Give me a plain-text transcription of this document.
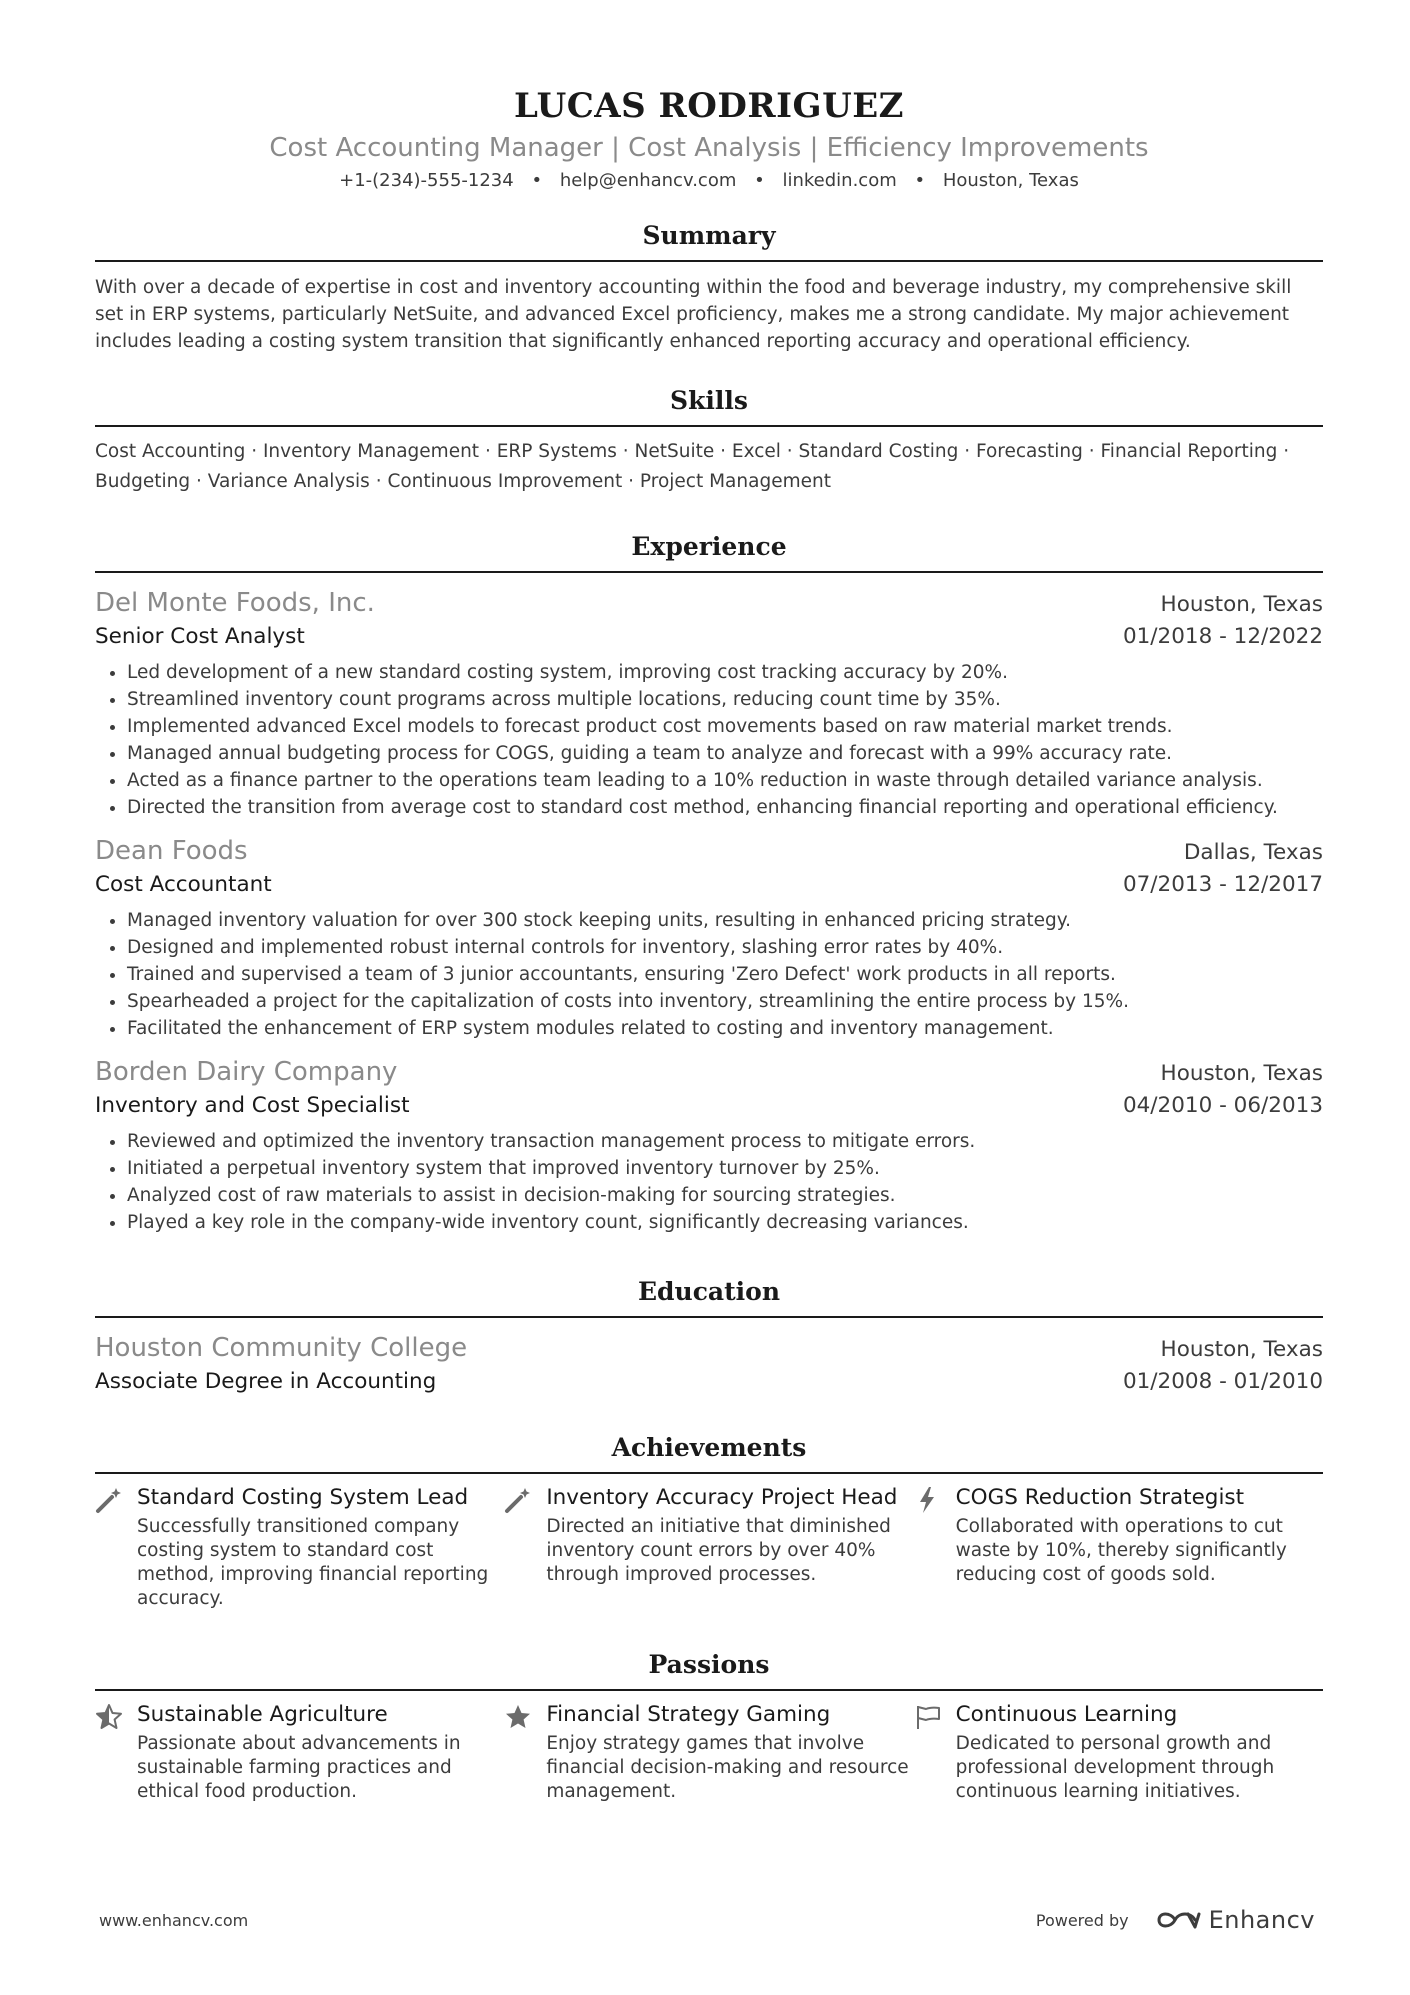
LUCAS RODRIGUEZ
Cost Accounting Manager | Cost Analysis | Efficiency Improvements
+1-(234)-555-1234 • help@enhancv.com • linkedin.com • Houston, Texas
Summary
With over a decade of expertise in cost and inventory accounting within the food and beverage industry, my comprehensive skill set in ERP systems, particularly NetSuite, and advanced Excel proficiency, makes me a strong candidate. My major achievement includes leading a costing system transition that significantly enhanced reporting accuracy and operational efficiency.
Skills
Cost Accounting · Inventory Management · ERP Systems · NetSuite · Excel · Standard Costing · Forecasting · Financial Reporting ·
Budgeting · Variance Analysis · Continuous Improvement · Project Management
Experience
Del Monte Foods, Inc.	Houston, Texas
Senior Cost Analyst	01/2018 - 12/2022
• Led development of a new standard costing system, improving cost tracking accuracy by 20%.
• Streamlined inventory count programs across multiple locations, reducing count time by 35%.
• Implemented advanced Excel models to forecast product cost movements based on raw material market trends.
• Managed annual budgeting process for COGS, guiding a team to analyze and forecast with a 99% accuracy rate.
• Acted as a finance partner to the operations team leading to a 10% reduction in waste through detailed variance analysis.
• Directed the transition from average cost to standard cost method, enhancing financial reporting and operational efficiency.
Dean Foods	Dallas, Texas
Cost Accountant	07/2013 - 12/2017
• Managed inventory valuation for over 300 stock keeping units, resulting in enhanced pricing strategy.
• Designed and implemented robust internal controls for inventory, slashing error rates by 40%.
• Trained and supervised a team of 3 junior accountants, ensuring 'Zero Defect' work products in all reports.
• Spearheaded a project for the capitalization of costs into inventory, streamlining the entire process by 15%.
• Facilitated the enhancement of ERP system modules related to costing and inventory management.
Borden Dairy Company	Houston, Texas
Inventory and Cost Specialist	04/2010 - 06/2013
• Reviewed and optimized the inventory transaction management process to mitigate errors.
• Initiated a perpetual inventory system that improved inventory turnover by 25%.
• Analyzed cost of raw materials to assist in decision-making for sourcing strategies.
• Played a key role in the company-wide inventory count, significantly decreasing variances.
Education
Houston Community College	Houston, Texas
Associate Degree in Accounting	01/2008 - 01/2010
Achievements
Standard Costing System Lead
Successfully transitioned company costing system to standard cost method, improving financial reporting accuracy.
Inventory Accuracy Project Head
Directed an initiative that diminished inventory count errors by over 40% through improved processes.
COGS Reduction Strategist
Collaborated with operations to cut waste by 10%, thereby significantly reducing cost of goods sold.
Passions
Sustainable Agriculture
Passionate about advancements in sustainable farming practices and ethical food production.
Financial Strategy Gaming
Enjoy strategy games that involve financial decision-making and resource management.
Continuous Learning
Dedicated to personal growth and professional development through continuous learning initiatives.
www.enhancv.com	Powered by	Enhancv
